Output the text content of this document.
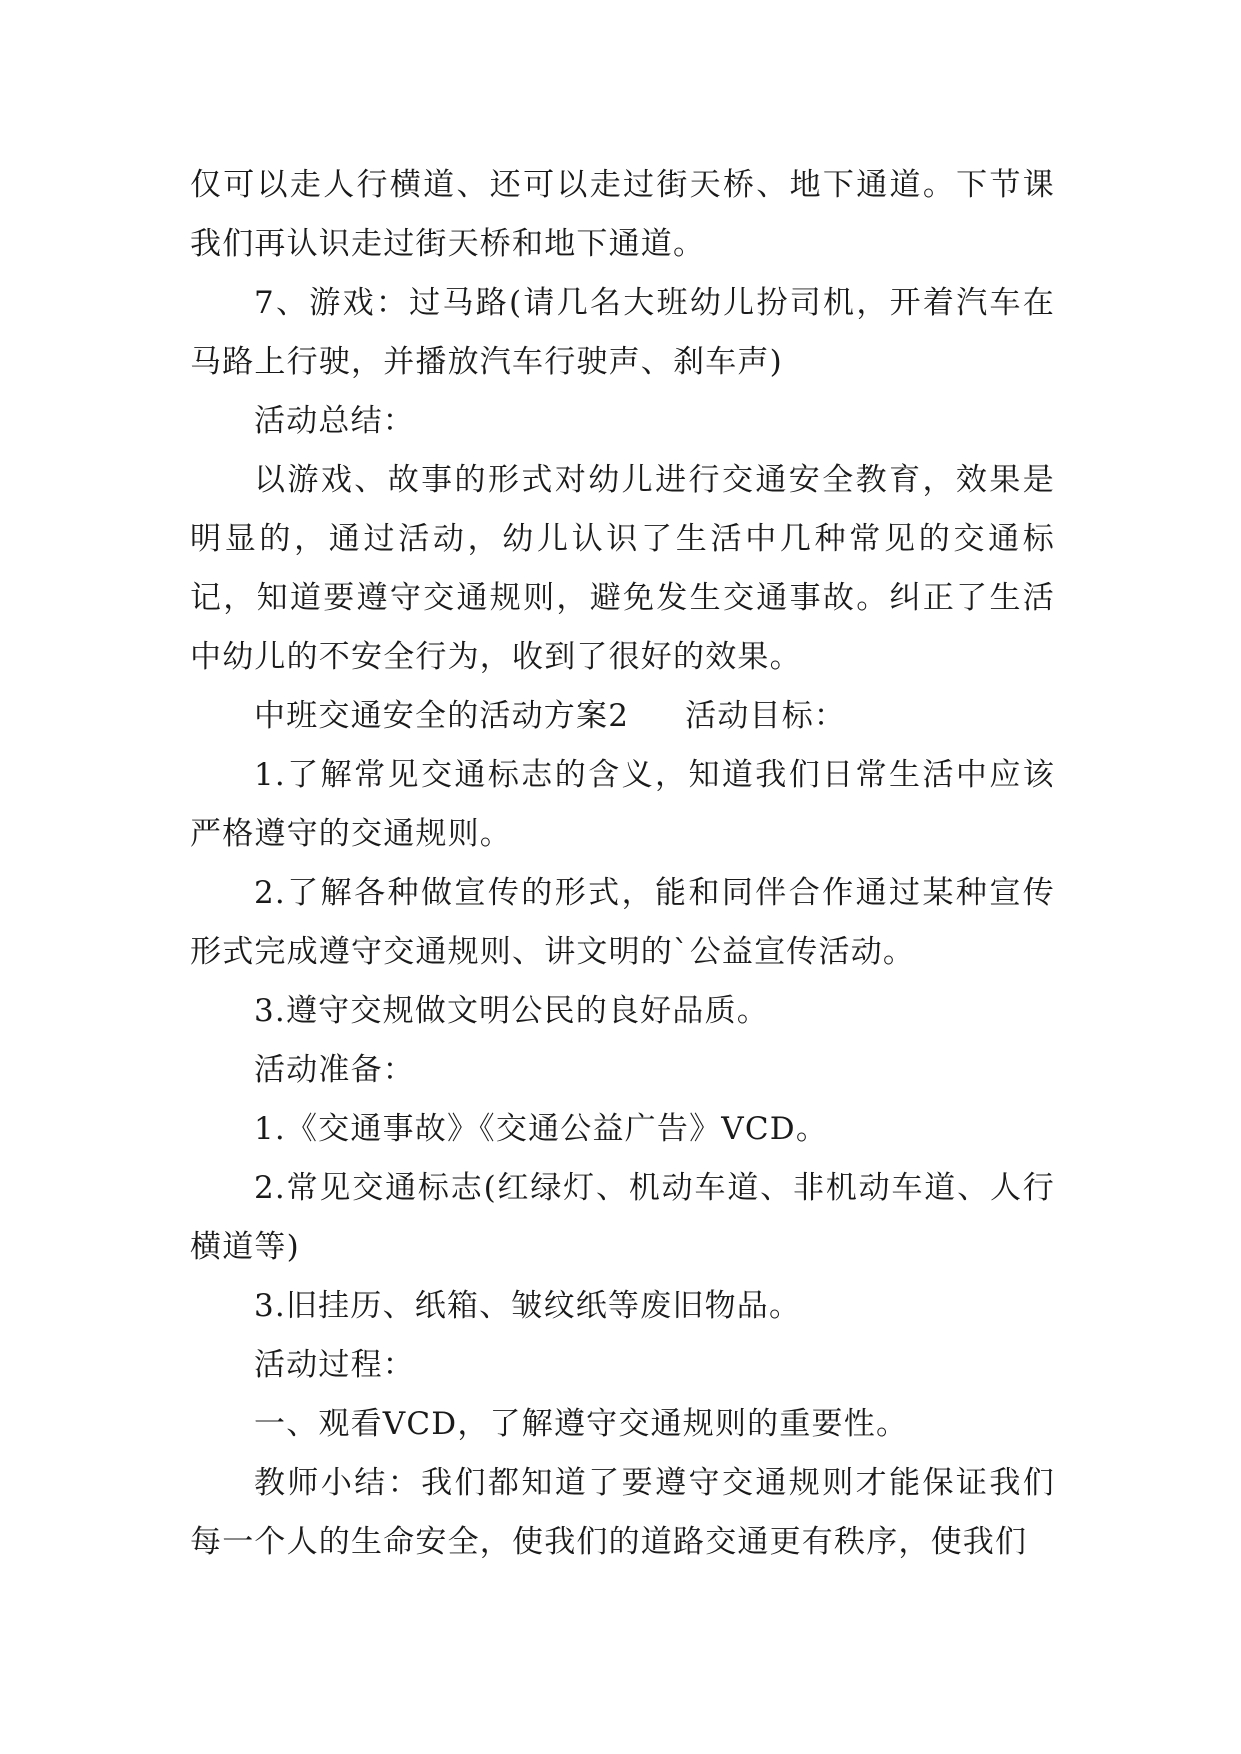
仅可以走人行横道、还可以走过街天桥、地下通道。下节课我们再认识走过街天桥和地下通道。

7、游戏：过马路(请几名大班幼儿扮司机，开着汽车在马路上行驶，并播放汽车行驶声、刹车声)

活动总结：

以游戏、故事的形式对幼儿进行交通安全教育，效果是明显的，通过活动，幼儿认识了生活中几种常见的交通标记，知道要遵守交通规则，避免发生交通事故。纠正了生活中幼儿的不安全行为，收到了很好的效果。

中班交通安全的活动方案2 活动目标：

1.了解常见交通标志的含义，知道我们日常生活中应该严格遵守的交通规则。

2.了解各种做宣传的形式，能和同伴合作通过某种宣传形式完成遵守交通规则、讲文明的`公益宣传活动。

3.遵守交规做文明公民的良好品质。

活动准备：

1.《交通事故》《交通公益广告》VCD。

2.常见交通标志(红绿灯、机动车道、非机动车道、人行横道等)

3.旧挂历、纸箱、皱纹纸等废旧物品。

活动过程：

一、观看VCD，了解遵守交通规则的重要性。

教师小结：我们都知道了要遵守交通规则才能保证我们每一个人的生命安全，使我们的道路交通更有秩序，使我们
